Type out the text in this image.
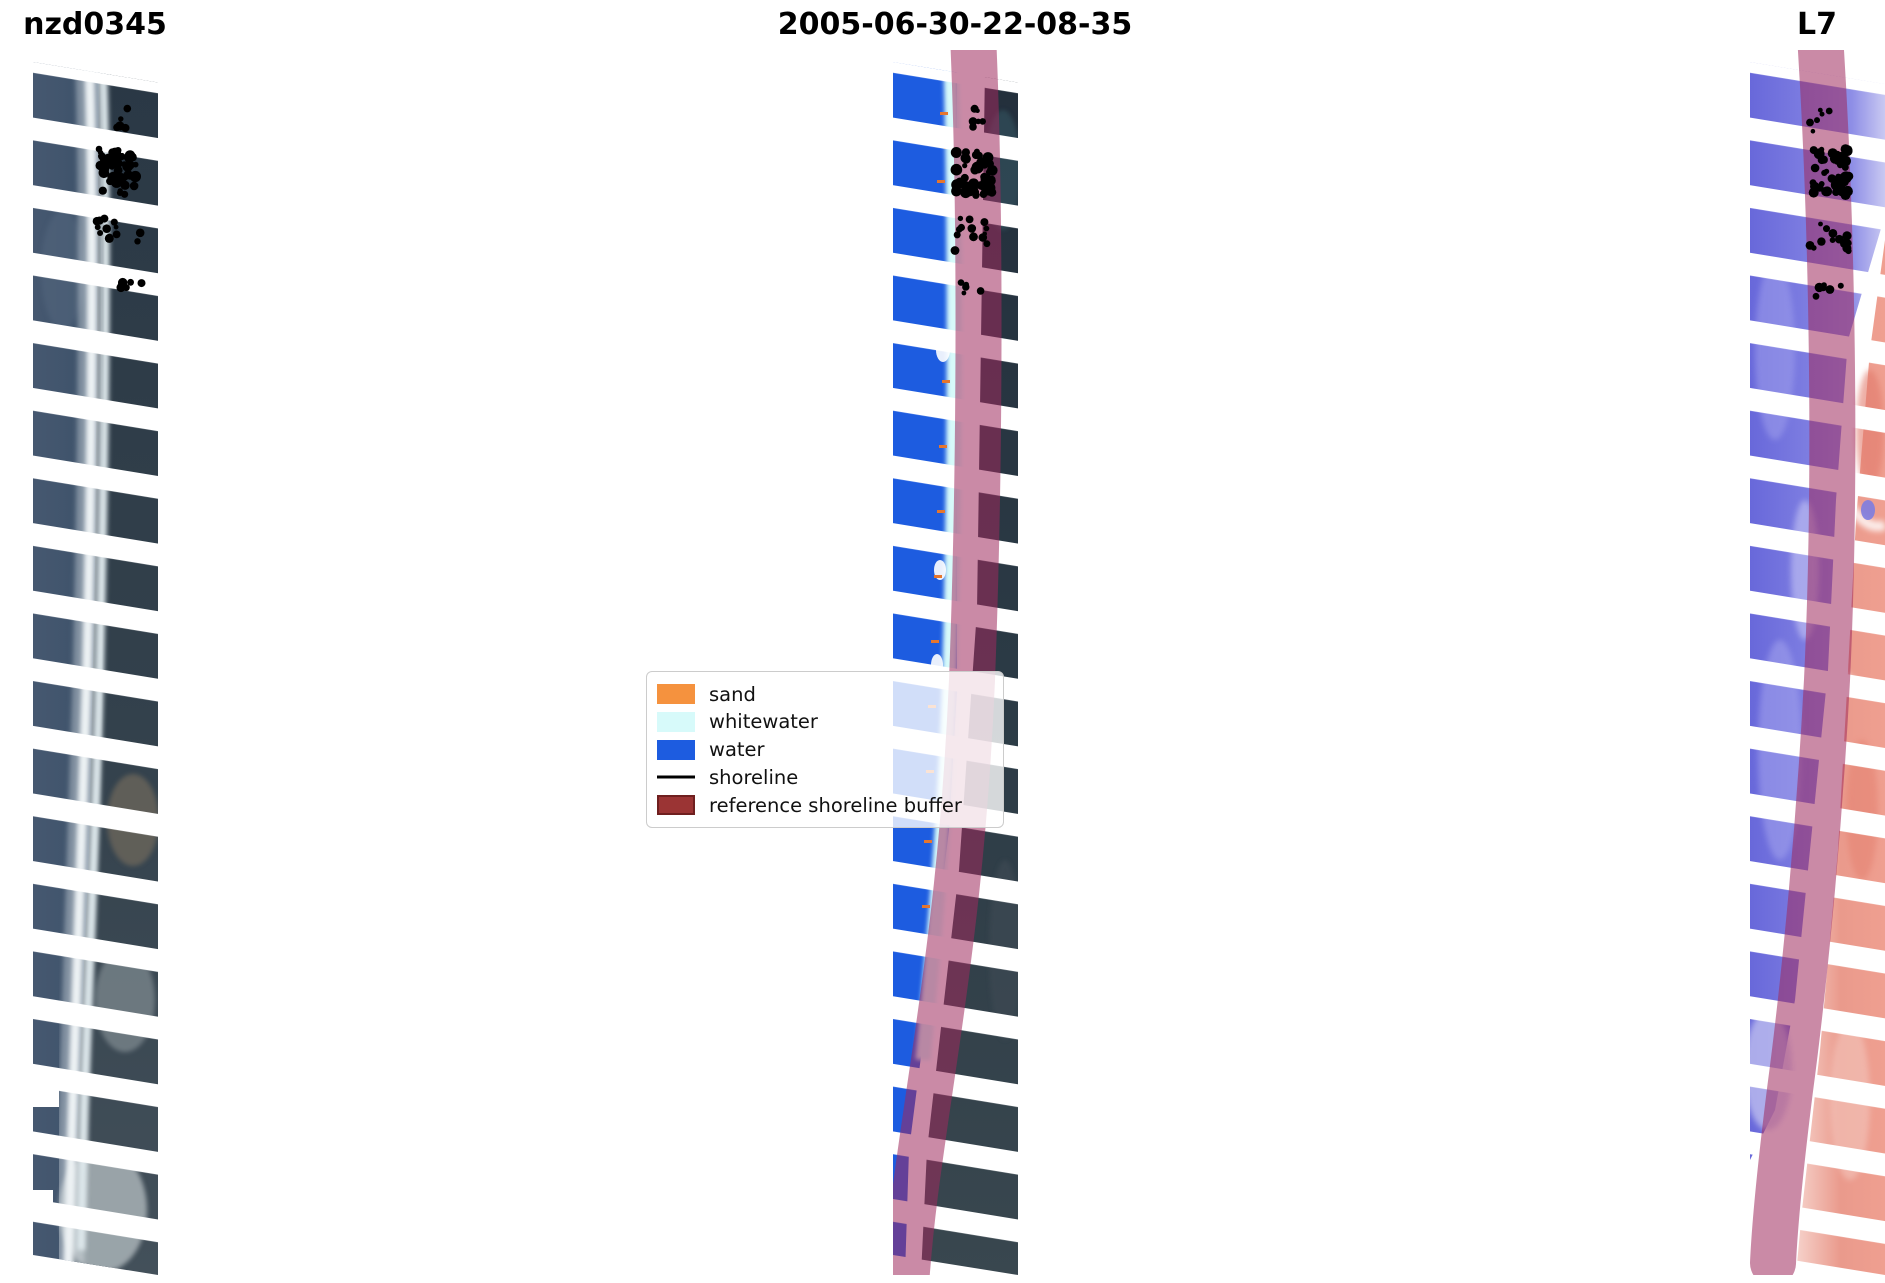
nzd0345	2005-06-30-22-08-35	L7
sand
whitewater
water
shoreline
reference shoreline buffer
